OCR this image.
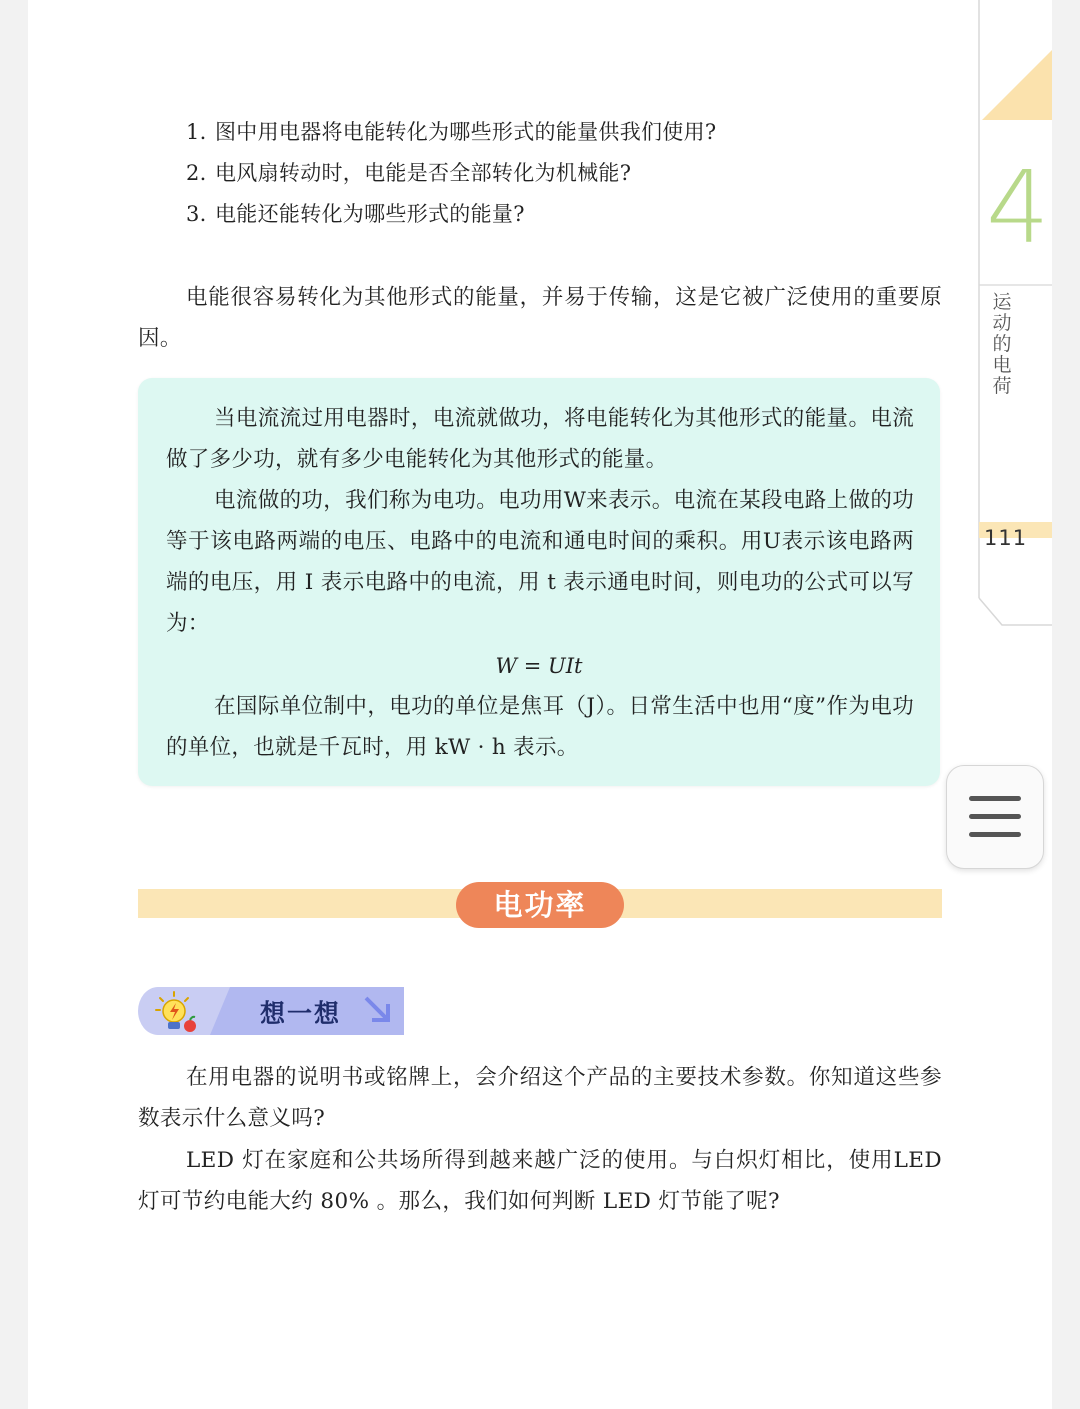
1. 图中用电器将电能转化为哪些形式的能量供我们使用?
2. 电风扇转动时，电能是否全部转化为机械能?
3. 电能还能转化为哪些形式的能量?
电能很容易转化为其他形式的能量，并易于传输，这是它被广泛使用的重要原因。
当电流流过用电器时，电流就做功，将电能转化为其他形式的能量。电流做了多少功，就有多少电能转化为其他形式的能量。
电流做的功，我们称为电功。电功用W来表示。电流在某段电路上做的功等于该电路两端的电压、电路中的电流和通电时间的乘积。用U表示该电路两端的电压，用 I 表示电路中的电流，用 t 表示通电时间，则电功的公式可以写为：
W = UIt
在国际单位制中，电功的单位是焦耳（J）。日常生活中也用“度”作为电功的单位，也就是千瓦时，用 kW · h 表示。
电功率
想一想
在用电器的说明书或铭牌上，会介绍这个产品的主要技术参数。你知道这些参数表示什么意义吗?
LED 灯在家庭和公共场所得到越来越广泛的使用。与白炽灯相比，使用LED 灯可节约电能大约 80% 。那么，我们如何判断 LED 灯节能了呢?
4
运动的电荷
111
